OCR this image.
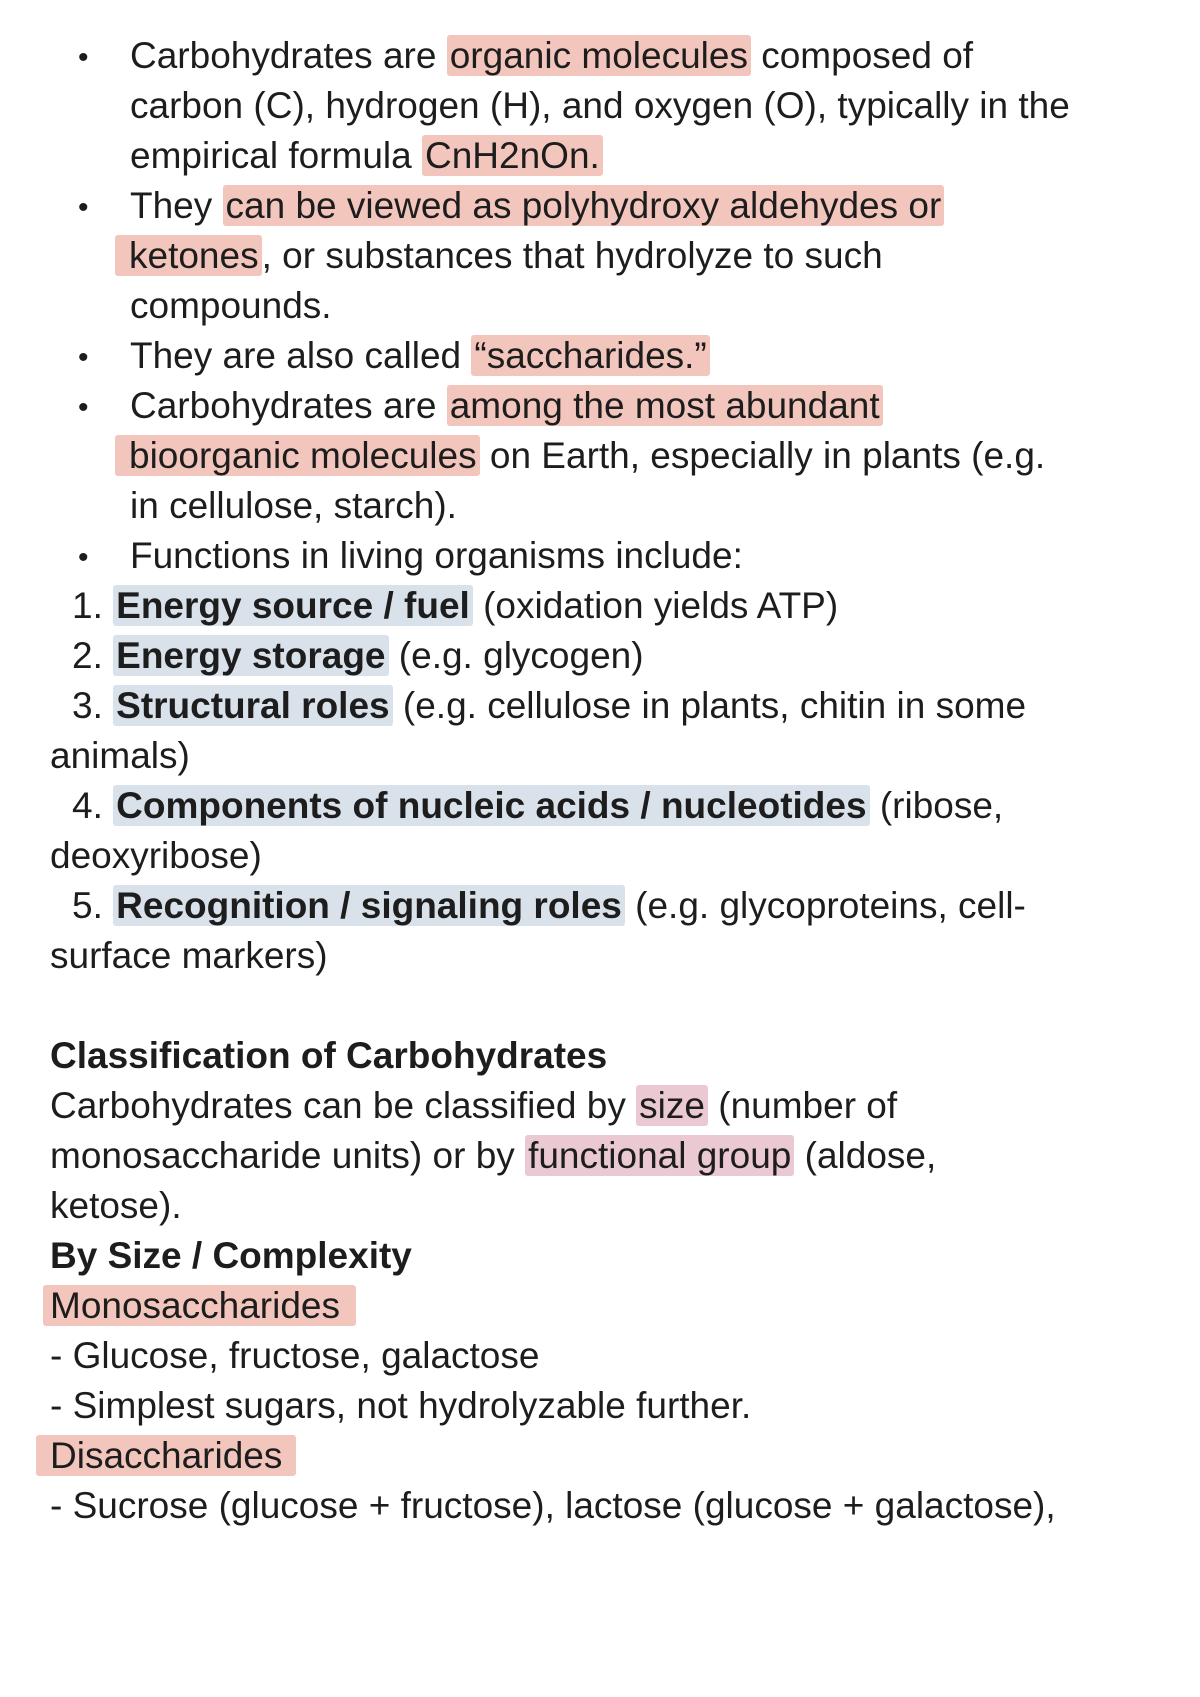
• Carbohydrates are organic molecules composed of
carbon (C), hydrogen (H), and oxygen (O), typically in the
empirical formula CnH2nOn.
• They can be viewed as polyhydroxy aldehydes or
ketones, or substances that hydrolyze to such
compounds.
• They are also called “saccharides.”
• Carbohydrates are among the most abundant
bioorganic molecules on Earth, especially in plants (e.g.
in cellulose, starch).
• Functions in living organisms include:
1. Energy source / fuel (oxidation yields ATP)
2. Energy storage (e.g. glycogen)
3. Structural roles (e.g. cellulose in plants, chitin in some
animals)
4. Components of nucleic acids / nucleotides (ribose,
deoxyribose)
5. Recognition / signaling roles (e.g. glycoproteins, cell-
surface markers)
Classification of Carbohydrates
Carbohydrates can be classified by size (number of
monosaccharide units) or by functional group (aldose,
ketose).
By Size / Complexity
Monosaccharides
- Glucose, fructose, galactose
- Simplest sugars, not hydrolyzable further.
Disaccharides
- Sucrose (glucose + fructose), lactose (glucose + galactose),
